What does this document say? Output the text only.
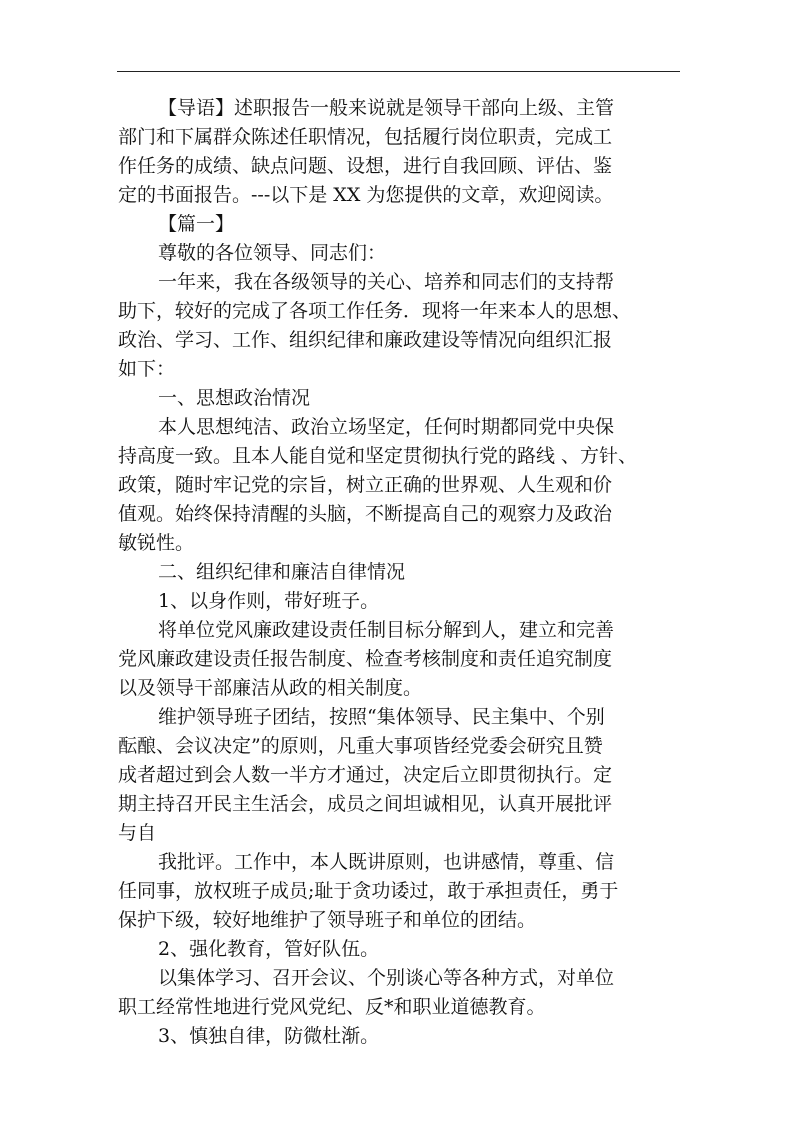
【导语】述职报告一般来说就是领导干部向上级、主管
部门和下属群众陈述任职情况，包括履行岗位职责，完成工
作任务的成绩、缺点问题、设想，进行自我回顾、评估、鉴
定的书面报告。---以下是 XX 为您提供的文章，欢迎阅读。
【篇一】
尊敬的各位领导、同志们：
一年来，我在各级领导的关心、培养和同志们的支持帮
助下，较好的完成了各项工作任务．现将一年来本人的思想、
政治、学习、工作、组织纪律和廉政建设等情况向组织汇报
如下：
一、思想政治情况
本人思想纯洁、政治立场坚定，任何时期都同党中央保
持高度一致。且本人能自觉和坚定贯彻执行党的路线 、方针、
政策，随时牢记党的宗旨，树立正确的世界观、人生观和价
值观。始终保持清醒的头脑，不断提高自己的观察力及政治
敏锐性。
二、组织纪律和廉洁自律情况
1、以身作则，带好班子。
将单位党风廉政建设责任制目标分解到人，建立和完善
党风廉政建设责任报告制度、检查考核制度和责任追究制度
以及领导干部廉洁从政的相关制度。
维护领导班子团结，按照“集体领导、民主集中、个别
酝酿、会议决定”的原则，凡重大事项皆经党委会研究且赞
成者超过到会人数一半方才通过，决定后立即贯彻执行。定
期主持召开民主生活会，成员之间坦诚相见，认真开展批评
与自
我批评。工作中，本人既讲原则，也讲感情，尊重、信
任同事，放权班子成员;耻于贪功诿过，敢于承担责任，勇于
保护下级，较好地维护了领导班子和单位的团结。
2、强化教育，管好队伍。
以集体学习、召开会议、个别谈心等各种方式，对单位
职工经常性地进行党风党纪、反*和职业道德教育。
3、慎独自律，防微杜渐。
